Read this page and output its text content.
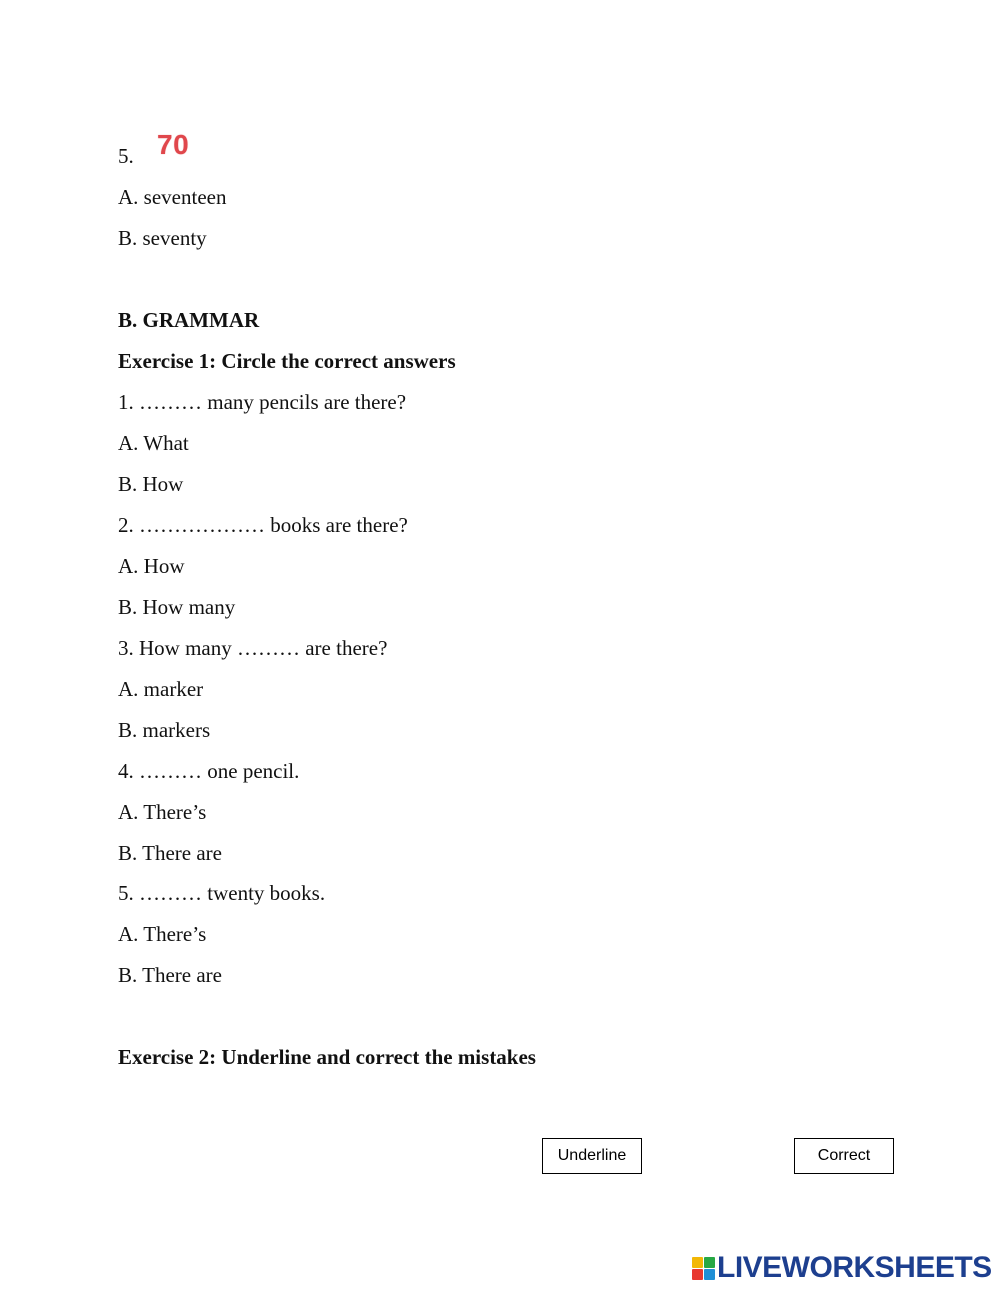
5. 70
A. seventeen
B. seventy
B. GRAMMAR
Exercise 1: Circle the correct answers
1. ……… many pencils are there?
A. What
B. How
2. ……………… books are there?
A. How
B. How many
3. How many ……… are there?
A. marker
B. markers
4. ……… one pencil.
A. There’s
B. There are
5. ……… twenty books.
A. There’s
B. There are
Exercise 2: Underline and correct the mistakes
Underline	Correct
LIVEWORKSHEETS
